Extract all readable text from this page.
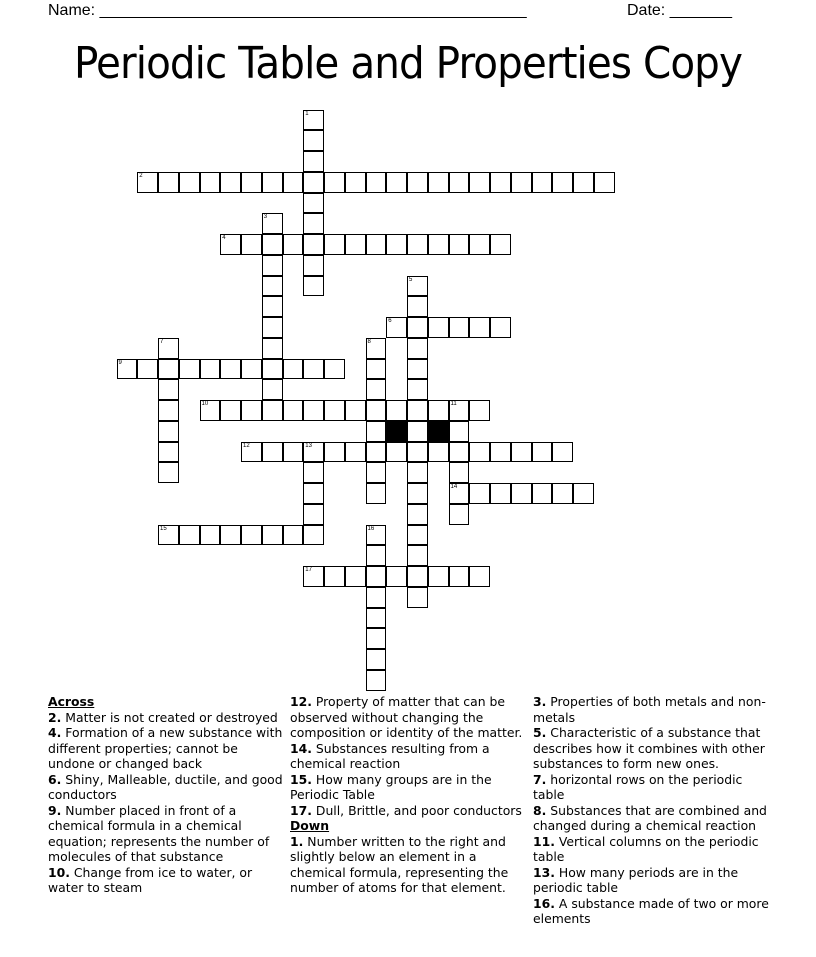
Name: ________________________________________________	Date: _______
Periodic Table and Properties Copy
1
2
3
4
5
6
7	8
9
10	11
14
12	13
15	16
17
Across
2. Matter is not created or destroyed
4. Formation of a new substance with different properties; cannot be undone or changed back
6. Shiny, Malleable, ductile, and good conductors
9. Number placed in front of a chemical formula in a chemical equation; represents the number of molecules of that substance
10. Change from ice to water, or water to steam
12. Property of matter that can be observed without changing the composition or identity of the matter.
14. Substances resulting from a chemical reaction
15. How many groups are in the Periodic Table
17. Dull, Brittle, and poor conductors
Down
1. Number written to the right and slightly below an element in a chemical formula, representing the number of atoms for that element.
3. Properties of both metals and non-metals
5. Characteristic of a substance that describes how it combines with other substances to form new ones.
7. horizontal rows on the periodic table
8. Substances that are combined and changed during a chemical reaction
11. Vertical columns on the periodic table
13. How many periods are in the periodic table
16. A substance made of two or more elements
